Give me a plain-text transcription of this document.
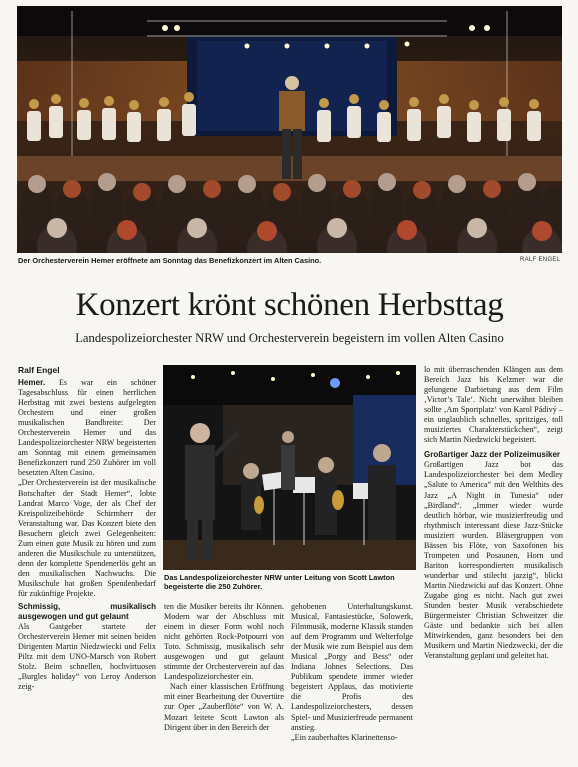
Der Orchesterverein Hemer eröffnete am Sonntag das Benefizkonzert im Alten Casino.	RALF ENGEL
Konzert krönt schönen Herbsttag
Landespolizeiorchester NRW und Orchesterverein begeistern im vollen Alten Casino
Ralf Engel

Hemer. Es war ein schöner Tagesabschluss für einen herrlichen Herbsttag mit zwei bestens aufgelegten Orchestern und einer großen musikalischen Bandbreite: Der Orchesterverein Hemer und das Landespolizeiorchester NRW begeisterten am Sonntag mit einem gemeinsamen Benefizkonzert rund 250 Zuhörer im voll besetzten Alten Casino.

„Der Orchesterverein ist der musikalische Botschafter der Stadt Hemer“, lobte Landrat Marco Voge, der als Chef der Kreispolizeibehörde Schirmherr der Veranstaltung war. Das Konzert biete den Besuchern gleich zwei Gelegenheiten: Zum einen gute Musik zu hören und zum anderen die Musikschule zu unterstützen, denn der komplette Spendenerlös geht an den musikalischen Nachwuchs. Die Musikschule hat großen Spendenbedarf für zukünftige Projekte.

Schmissig, musikalisch ausgewogen und gut gelaunt

Als Gastgeber startete der Orchesterverein Hemer mit seinen beiden Dirigenten Martin Niedzwiecki und Felix Piltz mit dem UNO-Marsch von Robert Stolz. Beim schnellen, hochvirtuosen „Burgles holiday“ von Leroy Anderson zeig-

Das Landespolizeiorchester NRW unter Leitung von Scott Lawton begeisterte die 250 Zuhörer.

ten die Musiker bereits ihr Können. Modern war der Abschluss mit einem in dieser Form wohl noch nicht gehörten Rock-Potpourri von Toto. Schmissig, musikalisch sehr ausgewogen und gut gelaunt stimmte der Orchesterverein auf das Landespolizeiorchester ein.

Nach einer klassischen Eröffnung mit einer Bearbeitung der Ouvertüre zur Oper „Zauberflöte“ von W. A. Mozart leitete Scott Lawton als Dirigent über in den Bereich der

gehobenen Unterhaltungskunst. Musical, Fantasiestücke, Solowerk, Filmmusik, moderne Klassik standen auf dem Programm und Welterfolge der Musik wie zum Beispiel aus dem Musical „Porgy and Bess“ oder Indiana Johnes Selections. Das Publikum spendete immer wieder begeistert Applaus, das motivierte die Profis des Landespolizeiorchesters, dessen Spiel- und Musizierfreude permanent anstieg.

„Ein zauberhaftes Klarinettenso-

lo mit überraschenden Klängen aus dem Bereich Jazz bis Kelzmer war die gelungene Darbietung aus dem Film ‚Victor’s Tale‘. Nicht unerwähnt bleiben sollte ‚Am Sportplatz‘ von Karol Pádivý – ein unglaublich schnelles, spritziges, toll musiziertes Charakterstückchen“, zeigt sich Martin Niedzwicki begeistert.

Großartiger Jazz der Polizeimusiker

Großartigen Jazz bot das Landespolizeiorchester bei dem Medley „Salute to America“ mit den Welthits des Jazz „A Night in Tunesia“ oder „Birdland“. „Immer wieder wurde deutlich hörbar, wie musizierfreudig und rhythmisch interessant diese Jazz-Stücke musiziert wurden. Bläsergruppen von Bässen bis Flöte, von Saxofonen bis Trompeten und Posaunen, Horn und Bariton korrespondierten musikalisch wunderbar und stilecht jazzig“, blickt Martin Niedzwicki auf das Konzert. Ohne Zugabe ging es nicht. Nach gut zwei Stunden bester Musik verabschiedete Bürgermeister Christian Schweitzer die Gäste und bedankte sich bei allen Mitwirkenden, ganz besonders bei den Musikern und Martin Niedzwecki, der die Veranstaltung geplant und geleitet hat.
